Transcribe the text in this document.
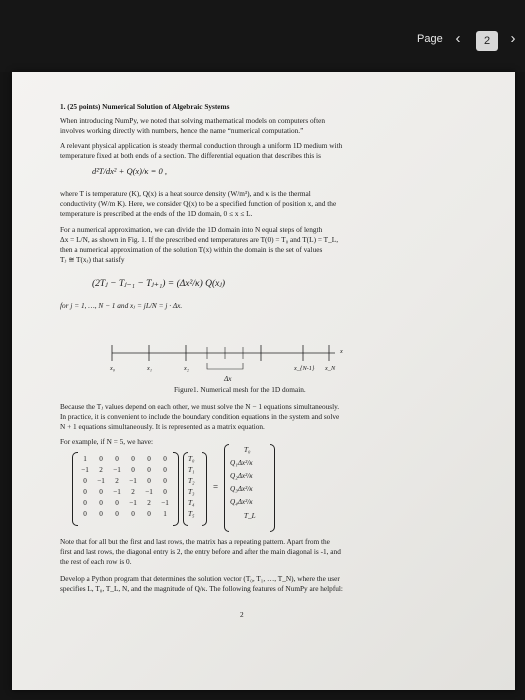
Page ‹	2	›
1. (25 points) Numerical Solution of Algebraic Systems
When introducing NumPy, we noted that solving mathematical models on computers often
involves working directly with numbers, hence the name “numerical computation.”
A relevant physical application is steady thermal conduction through a uniform 1D medium with
temperature fixed at both ends of a section. The differential equation that describes this is
d²T/dx² + Q(x)/κ = 0 ,
where T is temperature (K), Q(x) is a heat source density (W/m³), and κ is the thermal
conductivity (W/m K). Here, we consider Q(x) to be a specified function of position x, and the
temperature is prescribed at the ends of the 1D domain, 0 ≤ x ≤ L.
For a numerical approximation, we can divide the 1D domain into N equal steps of length
Δx = L/N, as shown in Fig. 1. If the prescribed end temperatures are T(0) = T₀ and T(L) = T_L,
then a numerical approximation of the solution T(x) within the domain is the set of values
Tⱼ ≅ T(xⱼ) that satisfy
(2Tⱼ − Tⱼ₋₁ − Tⱼ₊₁) = (Δx²/κ) Q(xⱼ)
for j = 1, …, N − 1 and xⱼ = jL/N = j · Δx.
x₀	x₁	x₂	x_{N-1} x_N
x
Δx
Figure1. Numerical mesh for the 1D domain.
Because the Tⱼ values depend on each other, we must solve the N − 1 equations simultaneously.
In practice, it is convenient to include the boundary condition equations in the system and solve
N + 1 equations simultaneously. It is represented as a matrix equation.
For example, if N = 5, we have:
1 0 0 0 0 0
−1 2 −1 0 0 0
0 −1 2 −1 0 0
0 0 −1 2 −1 0
0 0 0 −1 2 −1
0 0 0 0 0 1
T₀
T₁
T₂
T₃
T₄
T₅
=
T₀
Q₁Δx²/κ
Q₂Δx²/κ
Q₃Δx²/κ
Q₄Δx²/κ
T_L
Note that for all but the first and last rows, the matrix has a repeating pattern. Apart from the
first and last rows, the diagonal entry is 2, the entry before and after the main diagonal is -1, and
the rest of each row is 0.
Develop a Python program that determines the solution vector (T₀, T₁, …, T_N), where the user
specifies L, T₀, T_L, N, and the magnitude of Q/κ. The following features of NumPy are helpful:
2
